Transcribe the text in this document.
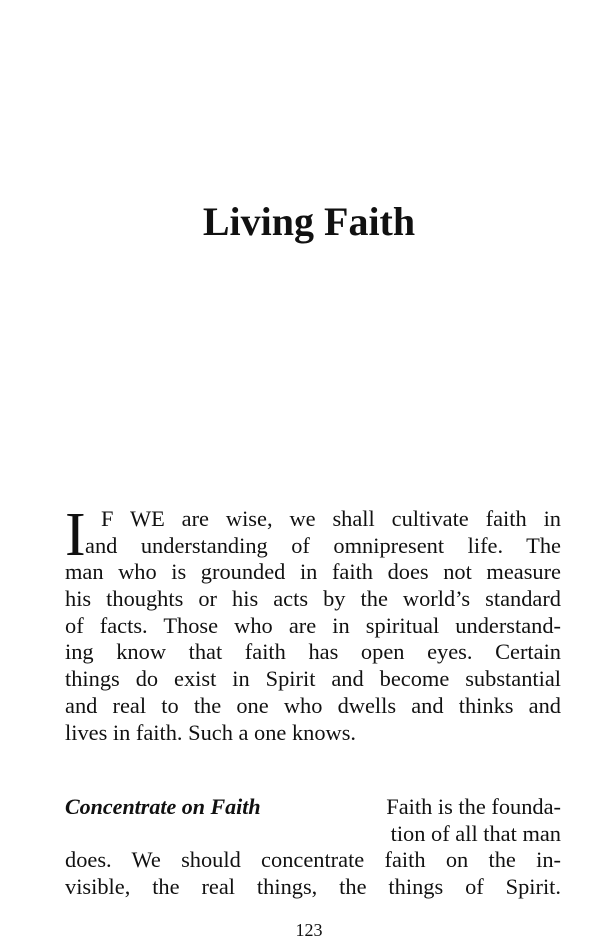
Living Faith
I F WE are wise, we shall cultivate faith in
and understanding of omnipresent life. The
man who is grounded in faith does not measure
his thoughts or his acts by the world’s standard
of facts. Those who are in spiritual understand-
ing know that faith has open eyes. Certain
things do exist in Spirit and become substantial
and real to the one who dwells and thinks and
lives in faith. Such a one knows.

Concentrate on Faith	Faith is the founda-
tion of all that man
does. We should concentrate faith on the in-
visible, the real things, the things of Spirit.

123
